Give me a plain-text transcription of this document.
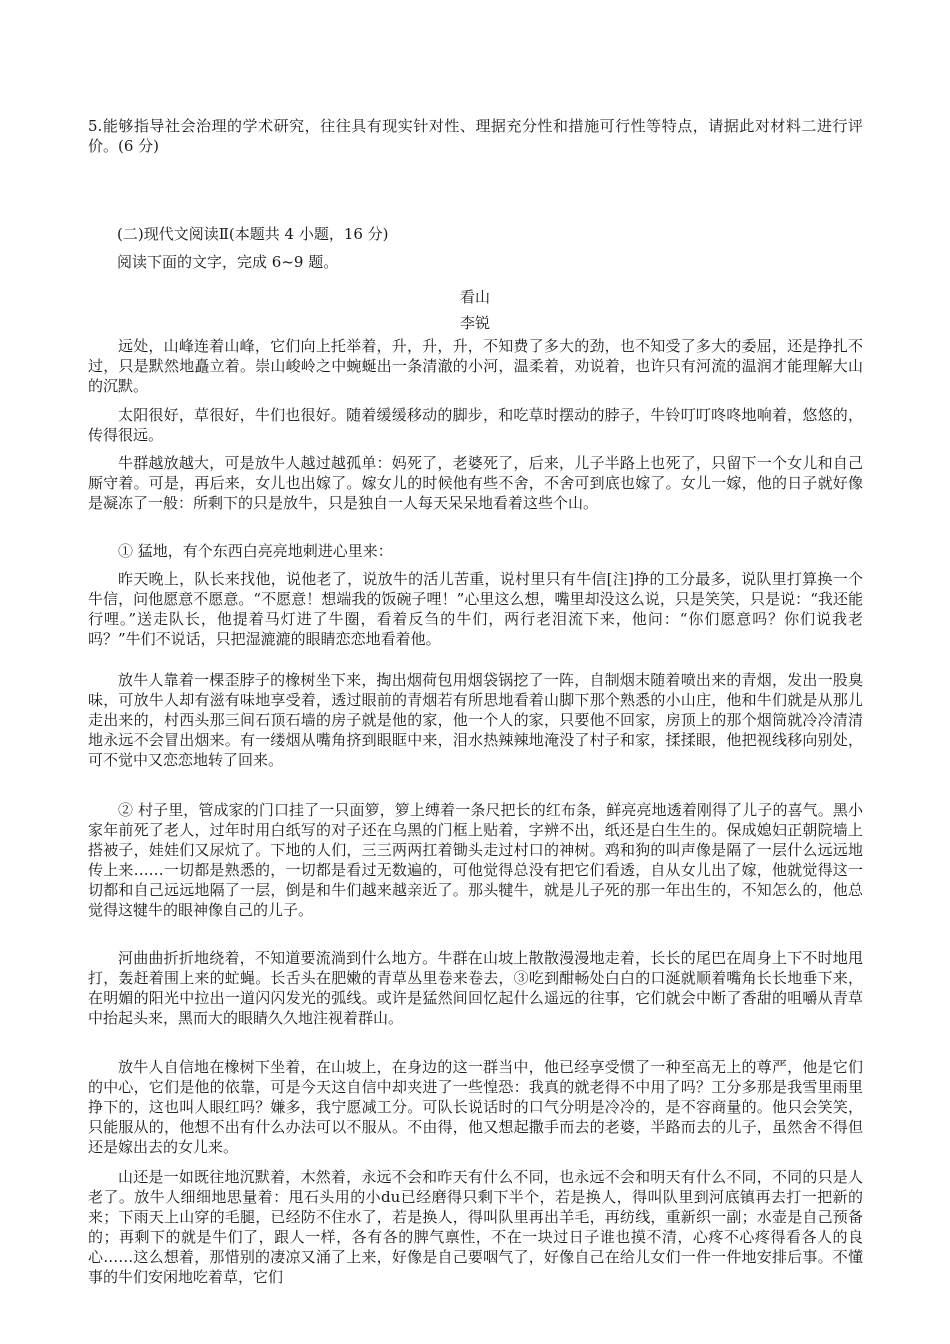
5.能够指导社会治理的学术研究，往往具有现实针对性、理据充分性和措施可行性等特点，请据此对材料二进行评价。(6 分)

(二)现代文阅读Ⅱ(本题共 4 小题，16 分)

阅读下面的文字，完成 6~9 题。

看山

李锐

远处，山峰连着山峰，它们向上托举着，升，升，升，不知费了多大的劲，也不知受了多大的委屈，还是挣扎不过，只是默然地矗立着。崇山峻岭之中蜿蜒出一条清澈的小河，温柔着，劝说着，也许只有河流的温润才能理解大山的沉默。

太阳很好，草很好，牛们也很好。随着缓缓移动的脚步，和吃草时摆动的脖子，牛铃叮叮咚咚地响着，悠悠的，传得很远。

牛群越放越大，可是放牛人越过越孤单：妈死了，老婆死了，后来，儿子半路上也死了，只留下一个女儿和自己厮守着。可是，再后来，女儿也出嫁了。嫁女儿的时候他有些不舍，不舍可到底也嫁了。女儿一嫁，他的日子就好像是凝冻了一般：所剩下的只是放牛，只是独自一人每天呆呆地看着这些个山。

① 猛地，有个东西白亮亮地刺进心里来：

昨天晚上，队长来找他，说他老了，说放牛的活儿苦重，说村里只有牛信[注]挣的工分最多，说队里打算换一个牛信，问他愿意不愿意。“不愿意！想端我的饭碗子哩！”心里这么想，嘴里却没这么说，只是笑笑，只是说：“我还能行哩。”送走队长，他提着马灯进了牛圈，看着反刍的牛们，两行老泪流下来，他问：“你们愿意吗？你们说我老吗？”牛们不说话，只把湿漉漉的眼睛恋恋地看着他。

放牛人靠着一棵歪脖子的橡树坐下来，掏出烟荷包用烟袋锅挖了一阵，自制烟末随着喷出来的青烟，发出一股臭味，可放牛人却有滋有味地享受着，透过眼前的青烟若有所思地看着山脚下那个熟悉的小山庄，他和牛们就是从那儿走出来的，村西头那三间石顶石墙的房子就是他的家，他一个人的家，只要他不回家，房顶上的那个烟筒就冷冷清清地永远不会冒出烟来。有一缕烟从嘴角挤到眼眶中来，泪水热辣辣地淹没了村子和家，揉揉眼，他把视线移向别处，可不觉中又恋恋地转了回来。

② 村子里，管成家的门口挂了一只面箩，箩上缚着一条尺把长的红布条，鲜亮亮地透着刚得了儿子的喜气。黑小家年前死了老人，过年时用白纸写的对子还在乌黑的门框上贴着，字辨不出，纸还是白生生的。保成媳妇正朝院墙上搭被子，娃娃们又尿炕了。下地的人们，三三两两扛着锄头走过村口的神树。鸡和狗的叫声像是隔了一层什么远远地传上来……一切都是熟悉的，一切都是看过无数遍的，可他觉得总没有把它们看透，自从女儿出了嫁，他就觉得这一切都和自己远远地隔了一层，倒是和牛们越来越亲近了。那头犍牛，就是儿子死的那一年出生的，不知怎么的，他总觉得这犍牛的眼神像自己的儿子。

河曲曲折折地绕着，不知道要流淌到什么地方。牛群在山坡上散散漫漫地走着，长长的尾巴在周身上下不时地甩打，轰赶着围上来的虻蝇。长舌头在肥嫩的青草丛里卷来卷去，③吃到酣畅处白白的口涎就顺着嘴角长长地垂下来，在明媚的阳光中拉出一道闪闪发光的弧线。或许是猛然间回忆起什么遥远的往事，它们就会中断了香甜的咀嚼从青草中抬起头来，黑而大的眼睛久久地注视着群山。

放牛人自信地在橡树下坐着，在山坡上，在身边的这一群当中，他已经享受惯了一种至高无上的尊严，他是它们的中心，它们是他的依靠，可是今天这自信中却夹进了一些惶恐：我真的就老得不中用了吗？工分多那是我雪里雨里挣下的，这也叫人眼红吗？嫌多，我宁愿减工分。可队长说话时的口气分明是冷冷的，是不容商量的。他只会笑笑，只能服从的，他想不出有什么办法可以不服从。不由得，他又想起撒手而去的老婆，半路而去的儿子，虽然舍不得但还是嫁出去的女儿来。

山还是一如既往地沉默着，木然着，永远不会和昨天有什么不同，也永远不会和明天有什么不同，不同的只是人老了。放牛人细细地思量着：甩石头用的小du已经磨得只剩下半个，若是换人，得叫队里到河底镇再去打一把新的来；下雨天上山穿的毛腿，已经防不住水了，若是换人，得叫队里再出羊毛，再纺线，重新织一副；水壶是自己预备的；再剩下的就是牛们了，跟人一样，各有各的脾气禀性，不在一块过日子谁也摸不清，心疼不心疼得看各人的良心……这么想着，那惜别的凄凉又涌了上来，好像是自己要咽气了，好像自己在给儿女们一件一件地安排后事。不懂事的牛们安闲地吃着草，它们
